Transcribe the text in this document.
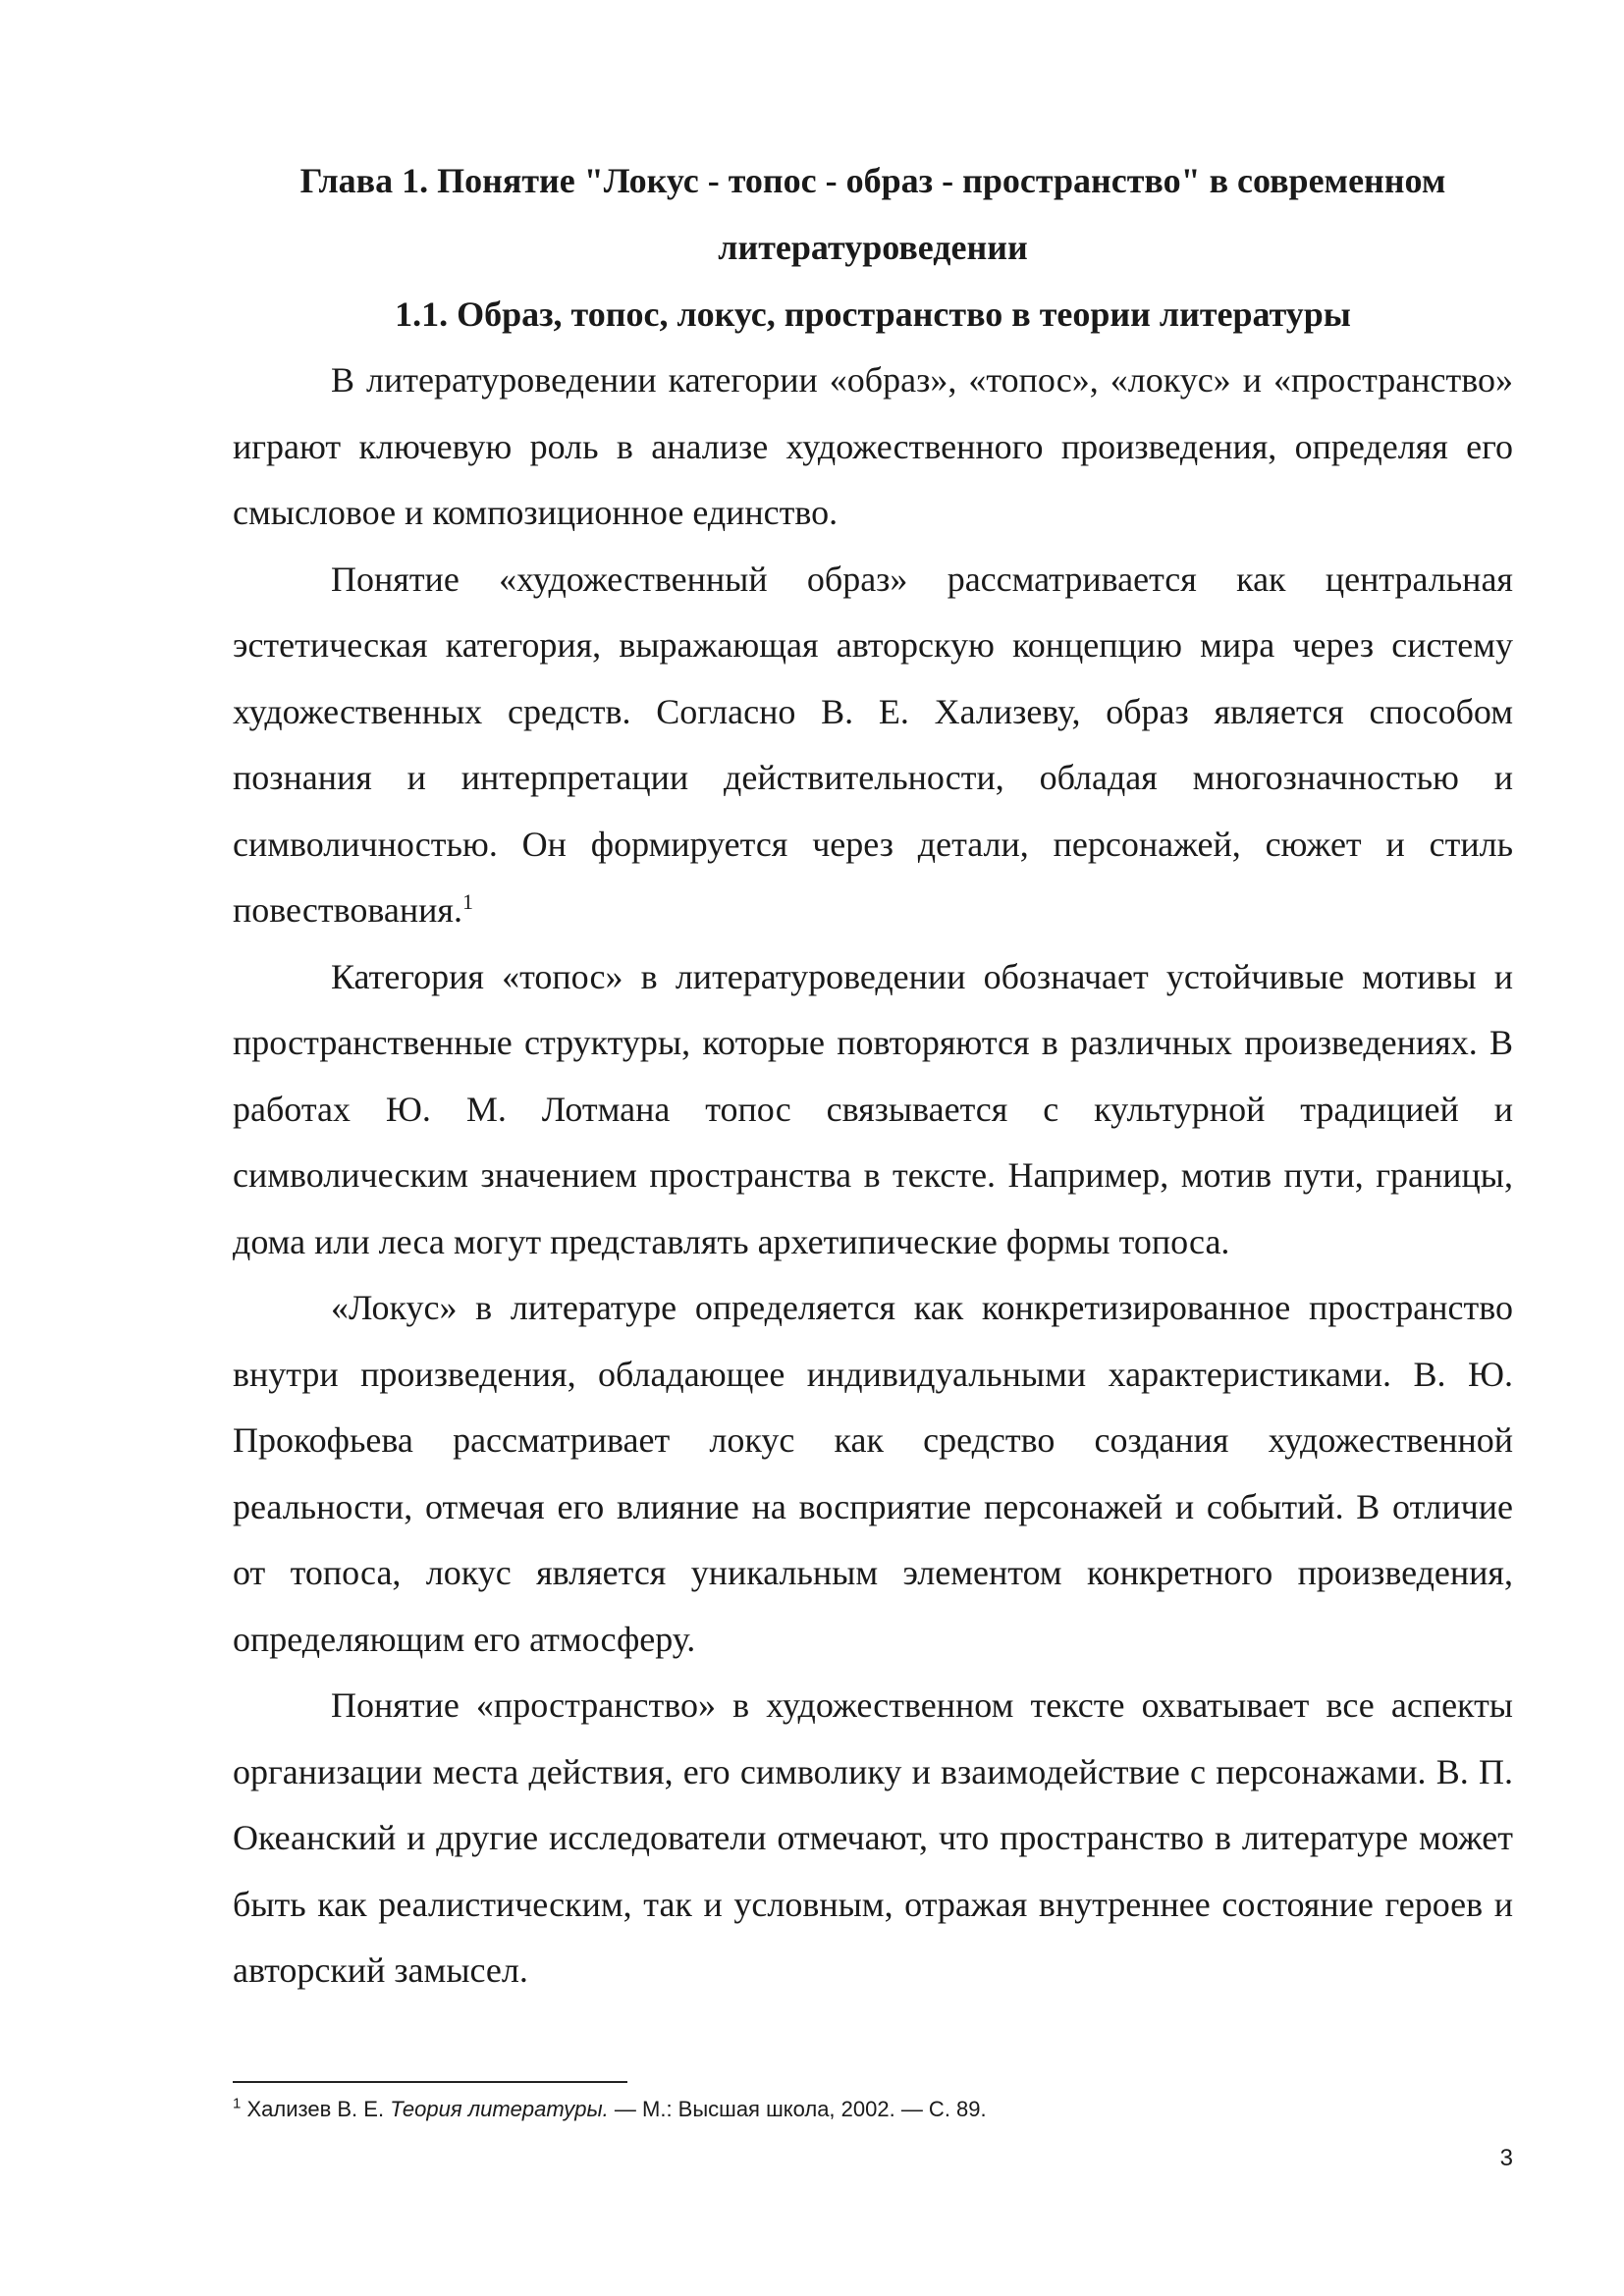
Глава 1. Понятие "Локус - топос - образ - пространство" в современном литературоведении
1.1. Образ, топос, локус, пространство в теории литературы

В литературоведении категории «образ», «топос», «локус» и «пространство» играют ключевую роль в анализе художественного произведения, определяя его смысловое и композиционное единство.

Понятие «художественный образ» рассматривается как центральная эстетическая категория, выражающая авторскую концепцию мира через систему художественных средств. Согласно В. Е. Хализеву, образ является способом познания и интерпретации действительности, обладая многозначностью и символичностью. Он формируется через детали, персонажей, сюжет и стиль повествования.$^1$

Категория «топос» в литературоведении обозначает устойчивые мотивы и пространственные структуры, которые повторяются в различных произведениях. В работах Ю. М. Лотмана топос связывается с культурной традицией и символическим значением пространства в тексте. Например, мотив пути, границы, дома или леса могут представлять архетипические формы топоса.

«Локус» в литературе определяется как конкретизированное пространство внутри произведения, обладающее индивидуальными характеристиками. В. Ю. Прокофьева рассматривает локус как средство создания художественной реальности, отмечая его влияние на восприятие персонажей и событий. В отличие от топоса, локус является уникальным элементом конкретного произведения, определяющим его атмосферу.

Понятие «пространство» в художественном тексте охватывает все аспекты организации места действия, его символику и взаимодействие с персонажами. В. П. Океанский и другие исследователи отмечают, что пространство в литературе может быть как реалистическим, так и условным, отражая внутреннее состояние героев и авторский замысел.

$^1$ Хализев В. Е. Теория литературы. — М.: Высшая школа, 2002. — С. 89.
3
